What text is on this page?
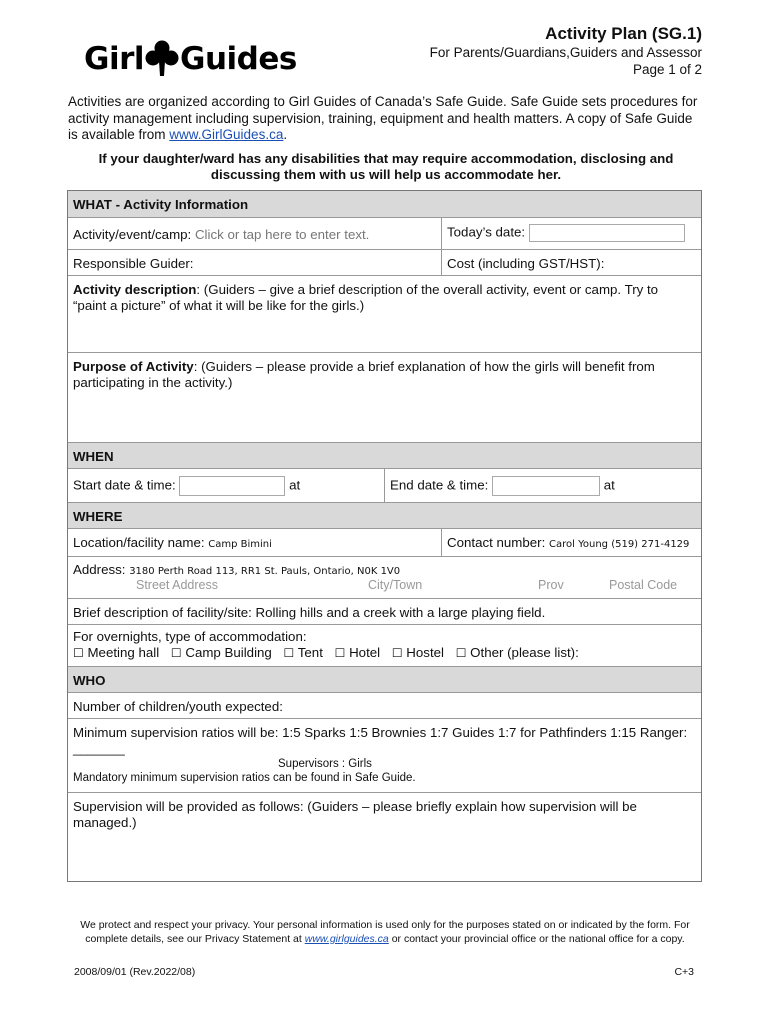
Girl Guides
Activity Plan (SG.1)
For Parents/Guardians,Guiders and Assessor
Page 1 of 2
Activities are organized according to Girl Guides of Canada’s Safe Guide. Safe Guide sets procedures for activity management including supervision, training, equipment and health matters. A copy of Safe Guide is available from www.GirlGuides.ca.
If your daughter/ward has any disabilities that may require accommodation, disclosing and discussing them with us will help us accommodate her.
WHAT - Activity Information
Activity/event/camp: Click or tap here to enter text.	Today’s date:
Responsible Guider:	Cost (including GST/HST):
Activity description: (Guiders – give a brief description of the overall activity, event or camp. Try to “paint a picture” of what it will be like for the girls.)
Purpose of Activity: (Guiders – please provide a brief explanation of how the girls will benefit from participating in the activity.)
WHEN
Start date & time:	at	End date & time:	at
WHERE
Location/facility name: Camp Bimini	Contact number: Carol Young (519) 271-4129
Address: 3180 Perth Road 113, RR1 St. Pauls, Ontario, N0K 1V0
Street Address	City/Town	Prov	Postal Code
Brief description of facility/site: Rolling hills and a creek with a large playing field.
For overnights, type of accommodation:
☐ Meeting hall ☐ Camp Building ☐ Tent ☐ Hotel ☐ Hostel ☐ Other (please list):
WHO
Number of children/youth expected:
Minimum supervision ratios will be: 1:5 Sparks 1:5 Brownies 1:7 Guides 1:7 for Pathfinders 1:15 Ranger: _______
Supervisors : Girls
Mandatory minimum supervision ratios can be found in Safe Guide.
Supervision will be provided as follows: (Guiders – please briefly explain how supervision will be managed.)
We protect and respect your privacy. Your personal information is used only for the purposes stated on or indicated by the form. For complete details, see our Privacy Statement at www.girlguides.ca or contact your provincial office or the national office for a copy.
2008/09/01 (Rev.2022/08)	C+3
